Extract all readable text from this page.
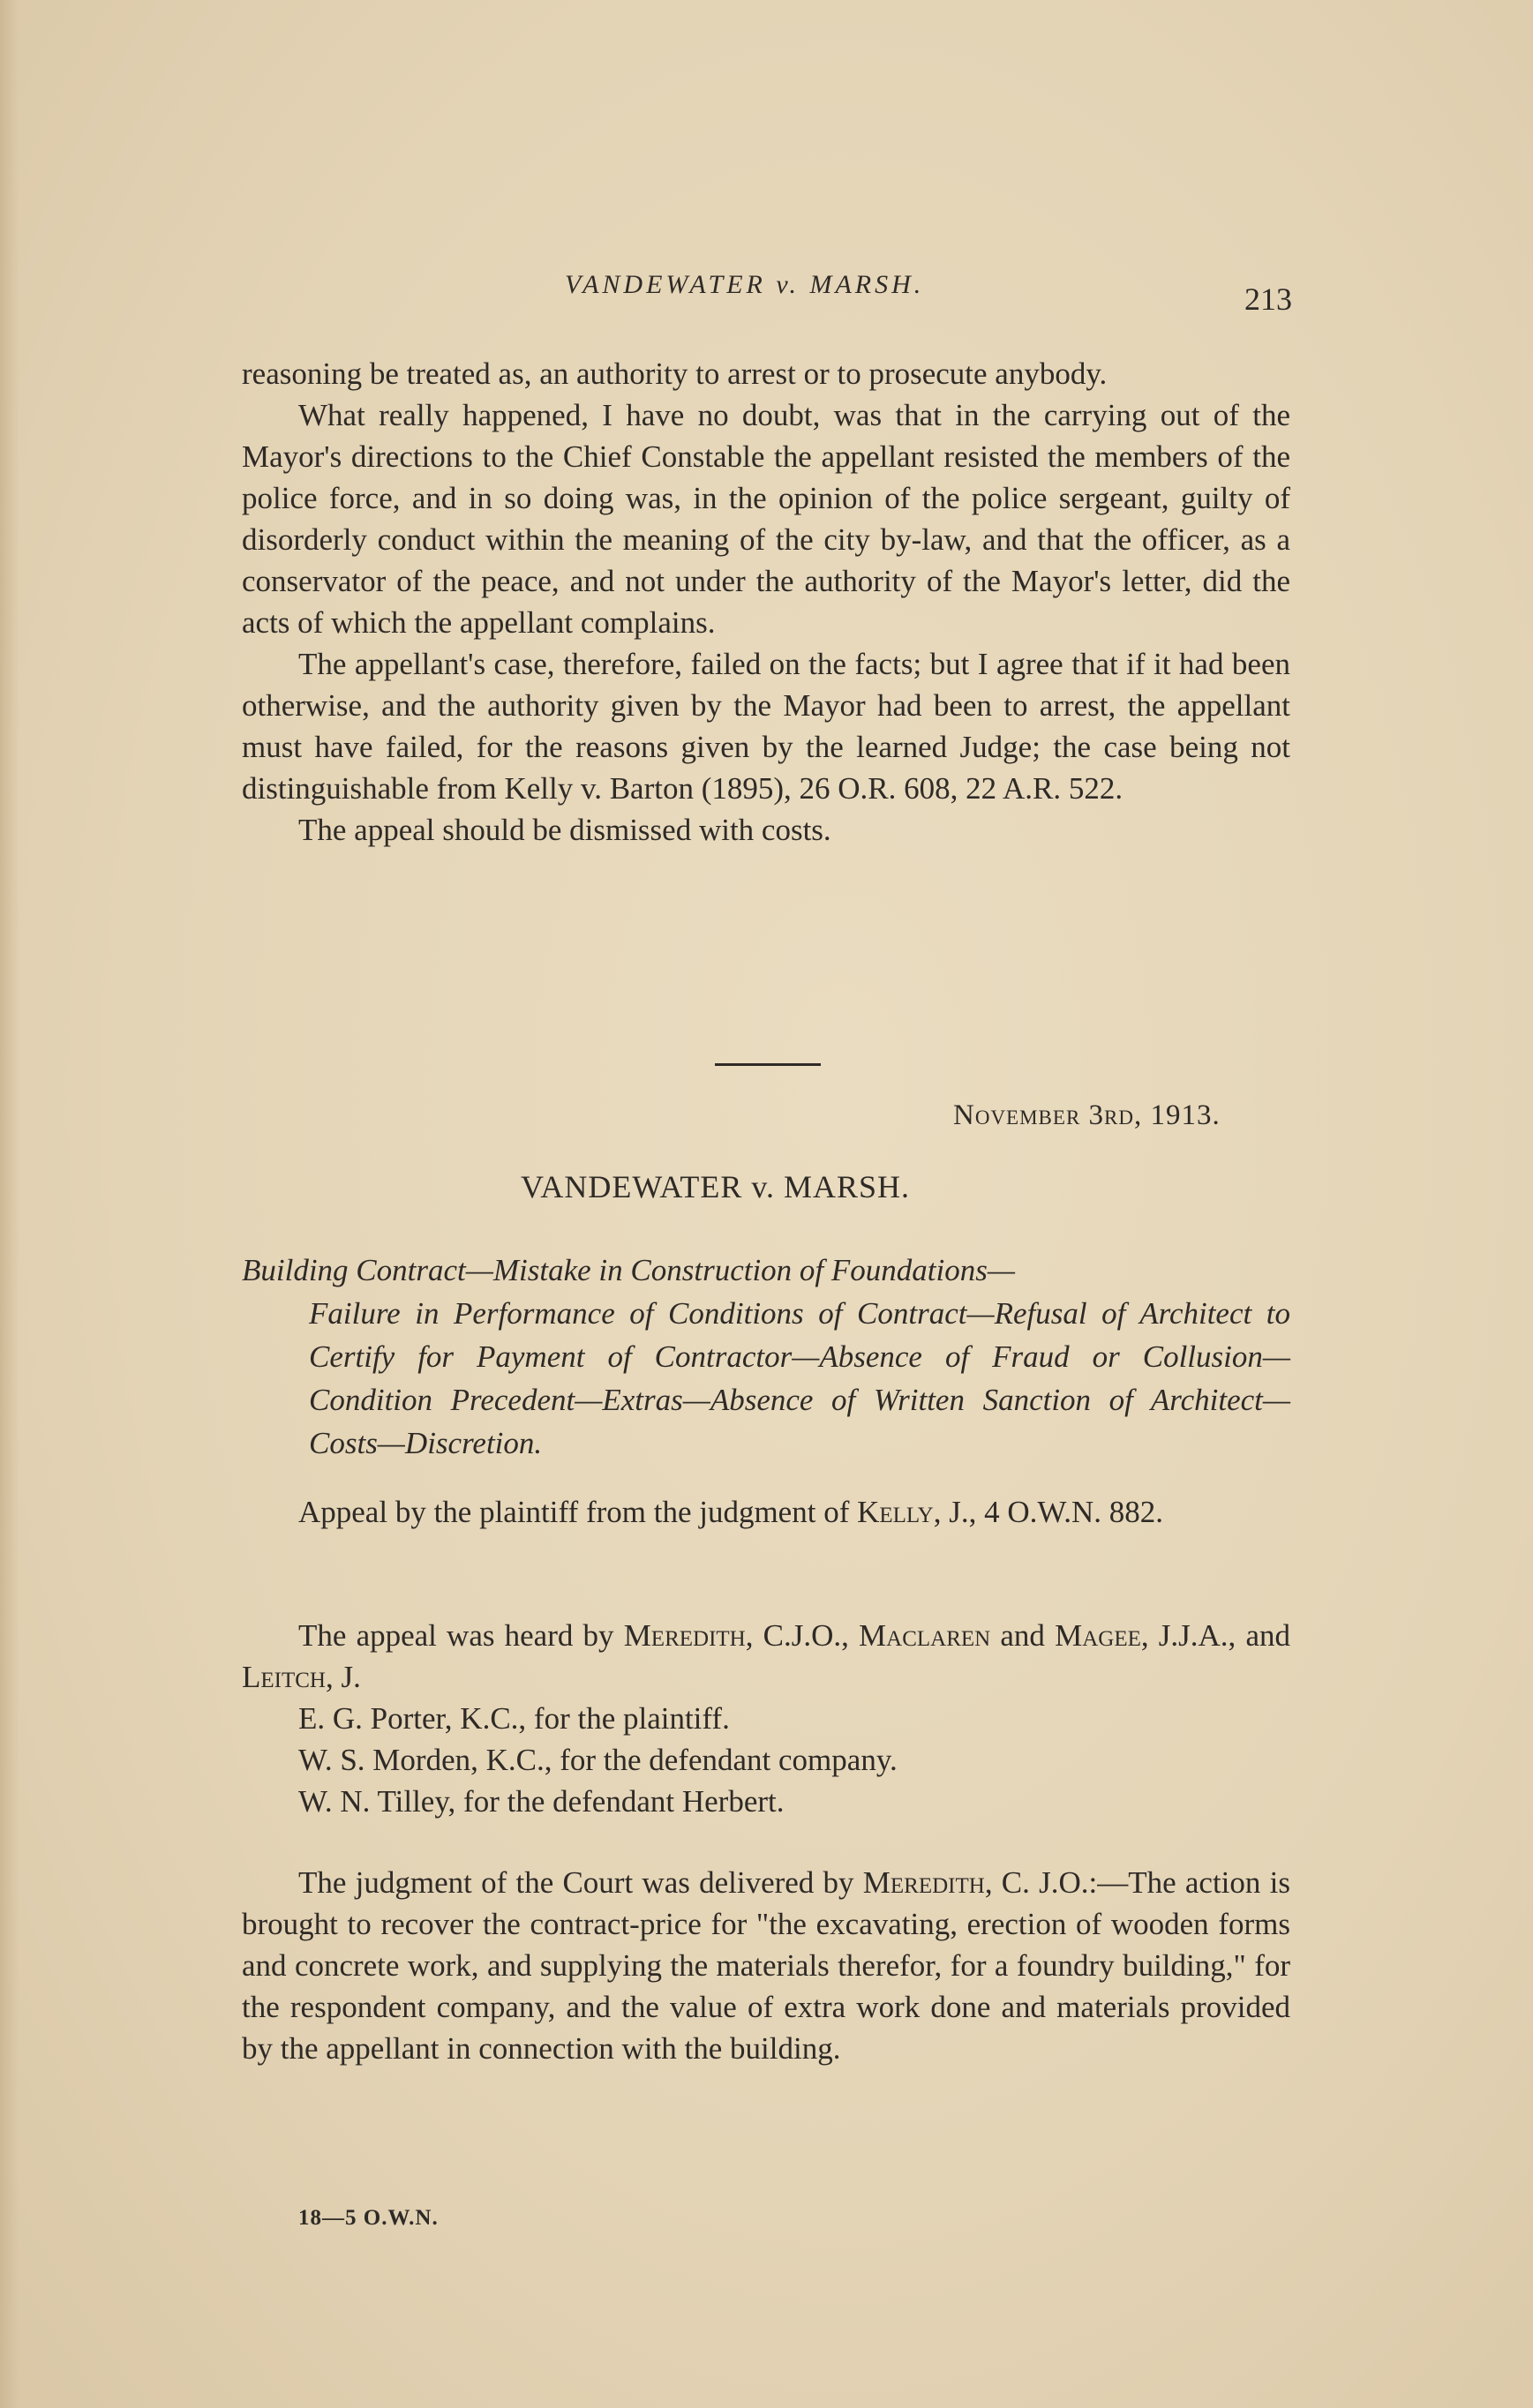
VANDEWATER v. MARSH.	213

reasoning be treated as, an authority to arrest or to prosecute anybody.

What really happened, I have no doubt, was that in the carrying out of the Mayor's directions to the Chief Constable the appellant resisted the members of the police force, and in so doing was, in the opinion of the police sergeant, guilty of disorderly conduct within the meaning of the city by-law, and that the officer, as a conservator of the peace, and not under the authority of the Mayor's letter, did the acts of which the appellant complains.

The appellant's case, therefore, failed on the facts; but I agree that if it had been otherwise, and the authority given by the Mayor had been to arrest, the appellant must have failed, for the reasons given by the learned Judge; the case being not distinguishable from Kelly v. Barton (1895), 26 O.R. 608, 22 A.R. 522.

The appeal should be dismissed with costs.

November 3rd, 1913.
VANDEWATER v. MARSH.
Building Contract—Mistake in Construction of Foundations—
Failure in Performance of Conditions of Contract—Refusal of Architect to Certify for Payment of Contractor—Absence of Fraud or Collusion—Condition Precedent—Extras—Absence of Written Sanction of Architect—Costs—Discretion.

Appeal by the plaintiff from the judgment of Kelly, J., 4 O.W.N. 882.

The appeal was heard by Meredith, C.J.O., Maclaren and Magee, J.J.A., and Leitch, J.

E. G. Porter, K.C., for the plaintiff.

W. S. Morden, K.C., for the defendant company.

W. N. Tilley, for the defendant Herbert.

The judgment of the Court was delivered by Meredith, C. J.O.:—The action is brought to recover the contract-price for "the excavating, erection of wooden forms and concrete work, and supplying the materials therefor, for a foundry building," for the respondent company, and the value of extra work done and materials provided by the appellant in connection with the building.

18—5 O.W.N.
